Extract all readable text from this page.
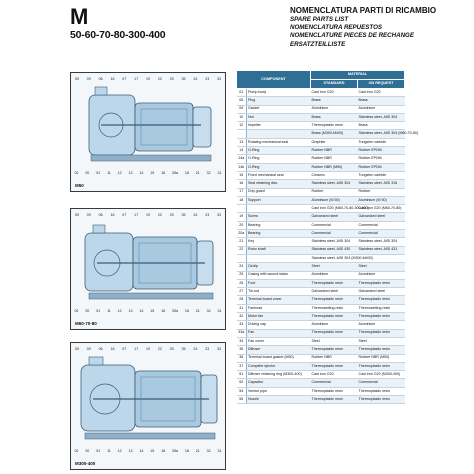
M
50-60-70-80-300-400
NOMENCLATURA PARTI DI RICAMBIO
SPARE PARTS LIST
NOMENCLATURA REPUESTOS
NOMENCLATURE PIECES DE RECHANGE
ERSATZTEILLISTE
05 09 06 16 07 17 19 22 25 35 24 23 33
02 20 01 11 12 13 14 15 18 35a 18 21 32 31
M50
05 09 06 16 07 17 19 22 25 35 24 23 33
02 20 01 11 12 13 14 15 18 35a 18 21 32 31
M60-70-80
05 09 06 16 07 17 19 22 25 35 24 23 33
02 20 01 11 12 13 14 15 18 35a 18 21 32 31
M300-400
COMPONENT		MATERIAL	
		STANDARD	ON REQUEST
01	Pump body	Cast iron G20	Cast iron G20
05	Plug	Brass	Brass
09	Gasket	Aluminium	Aluminium
10	Nut	Brass	Stainless steel, AISI 304
12	Impeller	Thermoplastic resin	Brass
		Brass (M300-M400)	Stainless steel, AISI 304 (M60-70-80)
13	Rotating mechanical seal	Graphite	Tungsten carbide
14	O-Ring	Rubber NBR	Rubber EPDM
14a	O-Ring	Rubber NBR	Rubber EPDM
14b	O-Ring	Rubber NBR (M50)	Rubber EPDM
15	Fixed mechanical seal	Ceramic	Tungsten carbide
16	Seal retaining disc	Stainless steel, AISI 304	Stainless steel, AISI 316
17	Drip guard	Rubber	Rubber
18	Support	Aluminium (M 50)	Aluminium (M 50)
		Cast iron G20 (M60-70-80-300-400)	Cast iron G20 (M60-70-80)
19	Screw	Galvanized steel	Galvanized steel
20	Bearing	Commercial	Commercial
20a	Bearing	Commercial	Commercial
21	Key	Stainless steel, AISI 304	Stainless steel, AISI 304
22	Rotor shaft	Stainless steel, AISI 430	Stainless steel, AISI 431
		Stainless steel, AISI 304 (M300-M400)	
24	Circlip	Steel	Steel
25	Casing with wound stator	Aluminium	Aluminium
26	Foot	Thermoplastic resin	Thermoplastic resin
27	Tie-rod	Galvanized steel	Galvanized steel
28	Terminal board cover	Thermoplastic resin	Thermoplastic resin
31	Fanhead	Thermosetting resin	Thermosetting resin
32	Motor fan	Thermoplastic resin	Thermoplastic resin
33	Driving cap	Aluminium	Aluminium
33a	Fan	Thermoplastic resin	Thermoplastic resin
34	Fan cover	Steel	Steel
35	Diffuser	Thermoplastic resin	Thermoplastic resin
36	Terminal board gasket (M50)	Rubber NBR	Rubber NBR (M50)
37	Complete ejector	Thermoplastic resin	Thermoplastic resin
51	Diffuser retaining ring (M300-400)	Cast iron G20	Cast iron G20 (M300-400)
52	Capacitor	Commercial	Commercial
54	Venturi pipe	Thermoplastic resin	Thermoplastic resin
55	Nozzle	Thermoplastic resin	Thermoplastic resin
